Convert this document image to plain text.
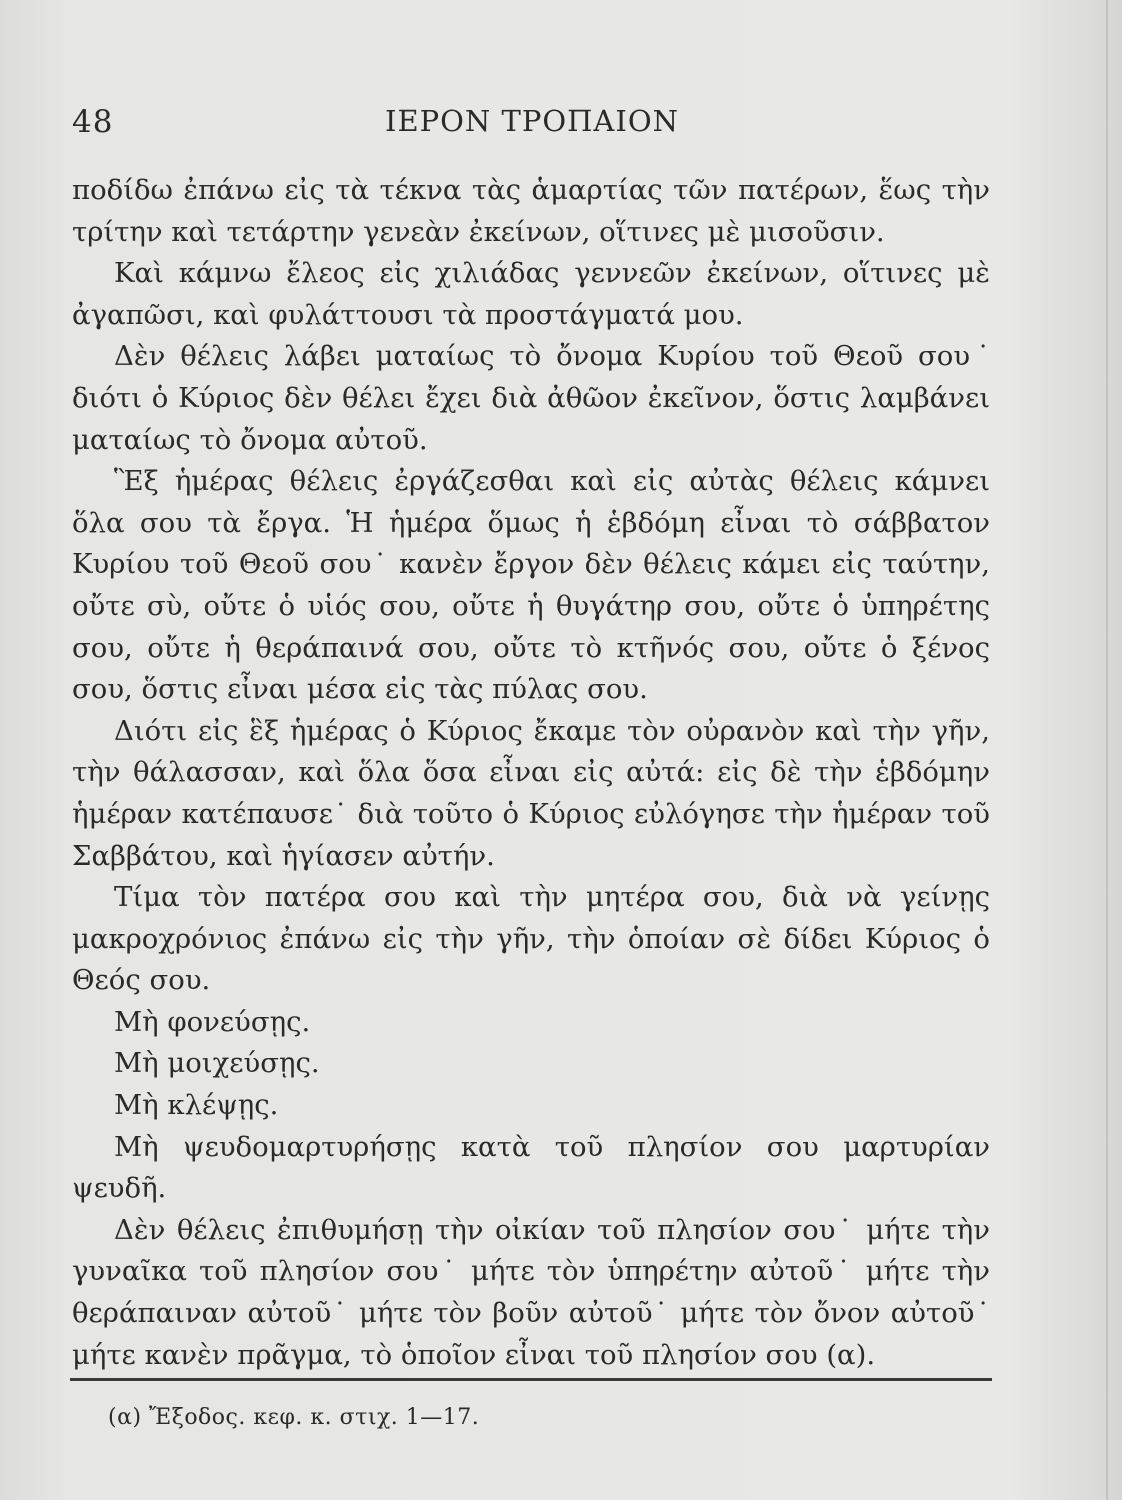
48	ΙΕΡΟΝ ΤΡΟΠΑΙΟΝ

ποδίδω ἐπάνω εἰς τὰ τέκνα τὰς ἁμαρτίας τῶν πατέρων, ἕως τὴν τρίτην καὶ τετάρτην γενεὰν ἐκείνων, οἵτινες μὲ μισοῦσιν.

Καὶ κάμνω ἔλεος εἰς χιλιάδας γεννεῶν ἐκείνων, οἵτινες μὲ ἀγαπῶσι, καὶ φυλάττουσι τὰ προστάγματά μου.

Δὲν θέλεις λάβει ματαίως τὸ ὄνομα Κυρίου τοῦ Θεοῦ σου˙ διότι ὁ Κύριος δὲν θέλει ἔχει διὰ ἀθῶον ἐκεῖνον, ὅστις λαμβάνει ματαίως τὸ ὄνομα αὐτοῦ.

Ἓξ ἡμέρας θέλεις ἐργάζεσθαι καὶ εἰς αὐτὰς θέλεις κάμνει ὅλα σου τὰ ἔργα. Ἡ ἡμέρα ὅμως ἡ ἑβδόμη εἶναι τὸ σάββατον Κυρίου τοῦ Θεοῦ σου˙ κανὲν ἔργον δὲν θέλεις κάμει εἰς ταύτην, οὔτε σὺ, οὔτε ὁ υἱός σου, οὔτε ἡ θυγάτηρ σου, οὔτε ὁ ὑπηρέτης σου, οὔτε ἡ θεράπαινά σου, οὔτε τὸ κτῆνός σου, οὔτε ὁ ξένος σου, ὅστις εἶναι μέσα εἰς τὰς πύλας σου.

Διότι εἰς ἓξ ἡμέρας ὁ Κύριος ἔκαμε τὸν οὐρανὸν καὶ τὴν γῆν, τὴν θάλασσαν, καὶ ὅλα ὅσα εἶναι εἰς αὐτά: εἰς δὲ τὴν ἑβδόμην ἡμέραν κατέπαυσε˙ διὰ τοῦτο ὁ Κύριος εὐλόγησε τὴν ἡμέραν τοῦ Σαββάτου, καὶ ἡγίασεν αὐτήν.

Τίμα τὸν πατέρα σου καὶ τὴν μητέρα σου, διὰ νὰ γείνῃς μακροχρόνιος ἐπάνω εἰς τὴν γῆν, τὴν ὁποίαν σὲ δίδει Κύριος ὁ Θεός σου.

Μὴ φονεύσῃς.

Μὴ μοιχεύσῃς.

Μὴ κλέψῃς.

Μὴ ψευδομαρτυρήσῃς κατὰ τοῦ πλησίον σου μαρτυρίαν ψευδῆ.

Δὲν θέλεις ἐπιθυμήσῃ τὴν οἰκίαν τοῦ πλησίον σου˙ μήτε τὴν γυναῖκα τοῦ πλησίον σου˙ μήτε τὸν ὑπηρέτην αὐτοῦ˙ μήτε τὴν θεράπαιναν αὐτοῦ˙ μήτε τὸν βοῦν αὐτοῦ˙ μήτε τὸν ὄνον αὐτοῦ˙ μήτε κανὲν πρᾶγμα, τὸ ὁποῖον εἶναι τοῦ πλησίον σου (α).

(α) Ἔξοδος. κεφ. κ. στιχ. 1—17.
